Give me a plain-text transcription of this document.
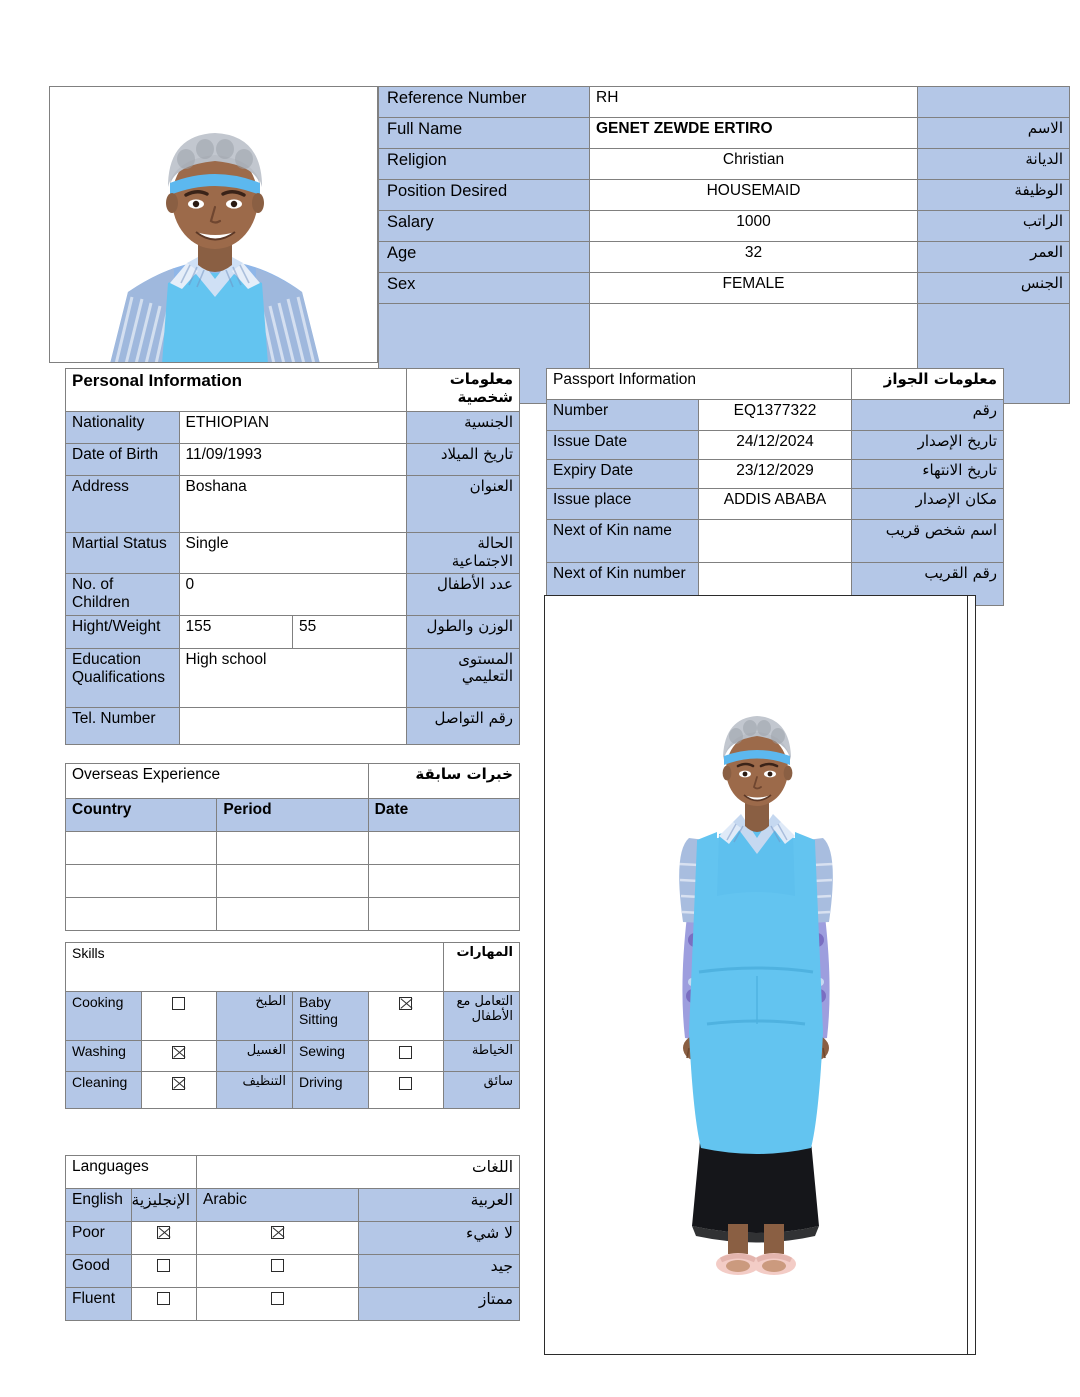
Reference Number	RH	
Full Name	GENET ZEWDE ERTIRO	الاسم
Religion	Christian	الديانة
Position Desired	HOUSEMAID	الوظيفة
Salary	1000	الراتب
Age	32	العمر
Sex	FEMALE	الجنس

Personal Information			معلومات شخصية
Nationality	ETHIOPIAN		الجنسية
Date of Birth	11/09/1993		تاريخ الميلاد
Address	Boshana		العنوان
Martial Status	Single		الحالة الاجتماعية
No. of Children	0		عدد الأطفال
Hight/Weight	155	55	الوزن والطول
Education Qualifications	High school		المستوى التعليمي
Tel. Number			رقم التواصل
Passport Information		معلومات الجواز
Number	EQ1377322	رقم
Issue Date	24/12/2024	تاريخ الإصدار
Expiry Date	23/12/2029	تاريخ الانتهاء
Issue place	ADDIS ABABA	مكان الإصدار
Next of Kin name		اسم شخص قريب
Next of Kin number		رقم القريب
Overseas Experience		خبرات سابقة
Country	Period	Date

Skills					المهارات
Cooking		الطبخ	Baby Sitting		التعامل مع الأطفال
Washing		الغسيل	Sewing		الخياطة
Cleaning		التنظيف	Driving		سائق
Languages		اللغات	
English	الإنجليزية	Arabic	العربية
Poor			لا شيء
Good			جيد
Fluent			ممتاز
